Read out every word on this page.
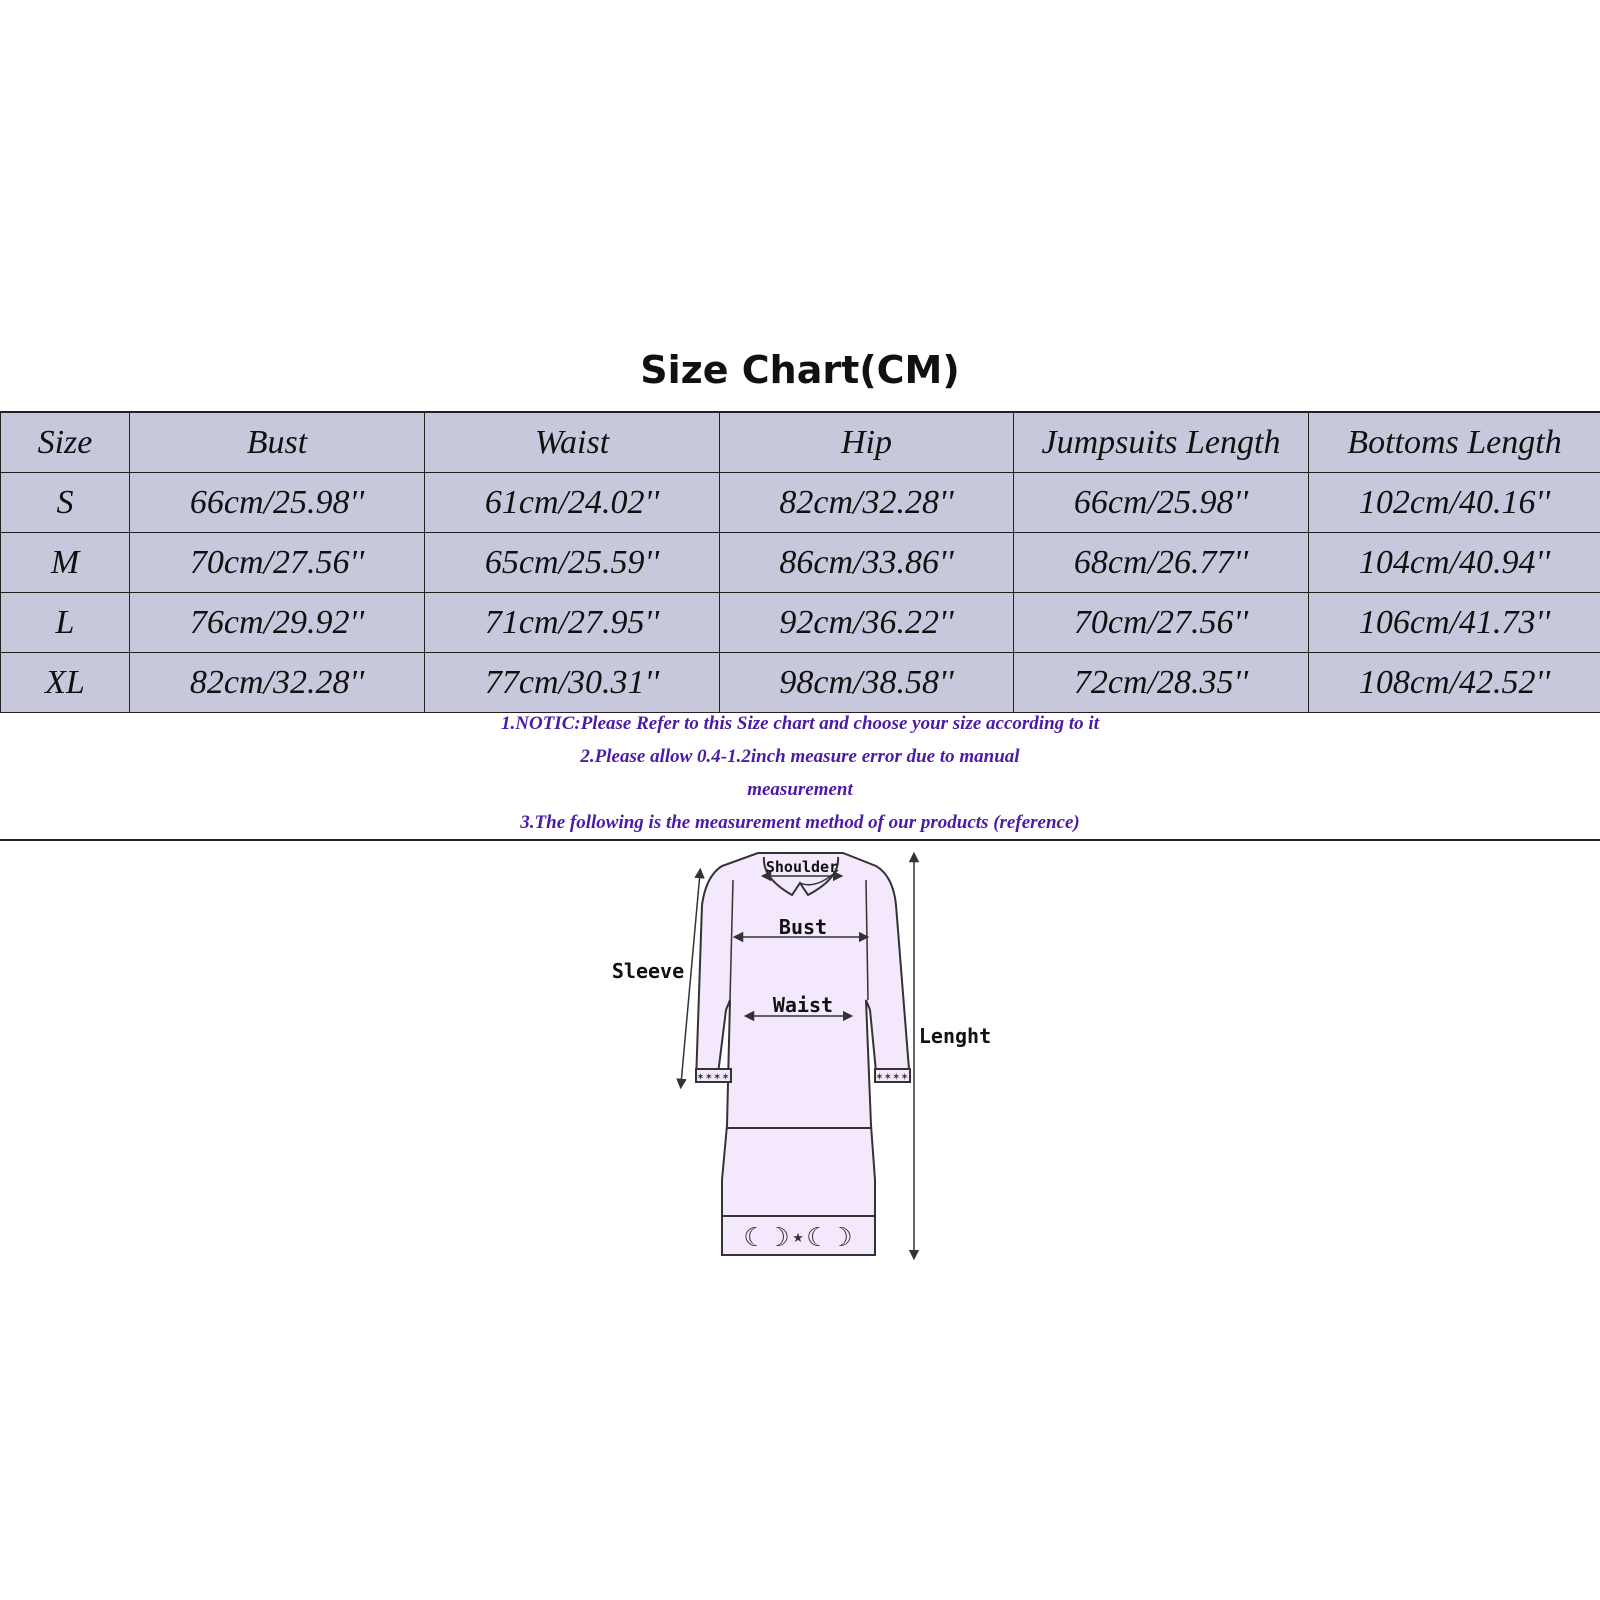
Size Chart(CM)
Size	Bust	Waist	Hip	Jumpsuits Length	Bottoms Length
S	66cm/25.98''	61cm/24.02''	82cm/32.28''	66cm/25.98''	102cm/40.16''
M	70cm/27.56''	65cm/25.59''	86cm/33.86''	68cm/26.77''	104cm/40.94''
L	76cm/29.92''	71cm/27.95''	92cm/36.22''	70cm/27.56''	106cm/41.73''
XL	82cm/32.28''	77cm/30.31''	98cm/38.58''	72cm/28.35''	108cm/42.52''
1.NOTIC:Please Refer to this Size chart and choose your size according to it
2.Please allow 0.4-1.2inch measure error due to manual
measurement
3.The following is the measurement method of our products (reference)
✶✶✶✶	✶✶✶✶
☾☽⋆☾☽
Shoulder
Bust
Waist
Sleeve
Lenght
